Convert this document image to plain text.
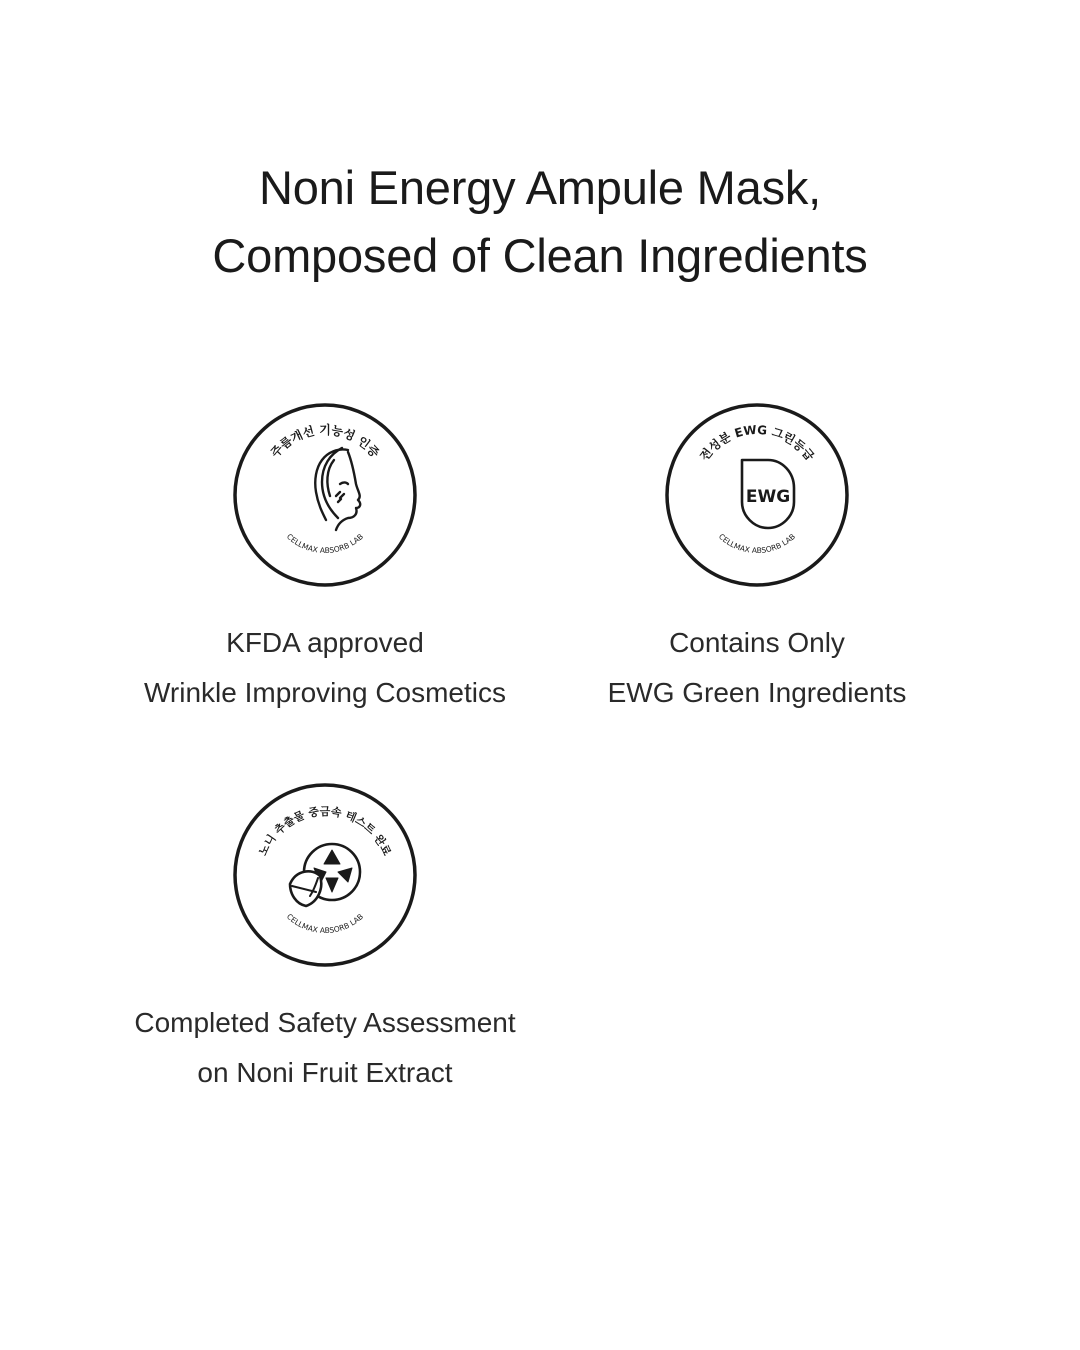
Noni Energy Ampule Mask,
Composed of Clean Ingredients
주름개선 기능성 인증
CELLMAX ABSORB LAB
KFDA approved
Wrinkle Improving Cosmetics
전성분 EWG 그린등급
CELLMAX ABSORB LAB
EWG
Contains Only
EWG Green Ingredients
노니 추출물 중금속 테스트 완료
CELLMAX ABSORB LAB
Completed Safety Assessment
on Noni Fruit Extract
